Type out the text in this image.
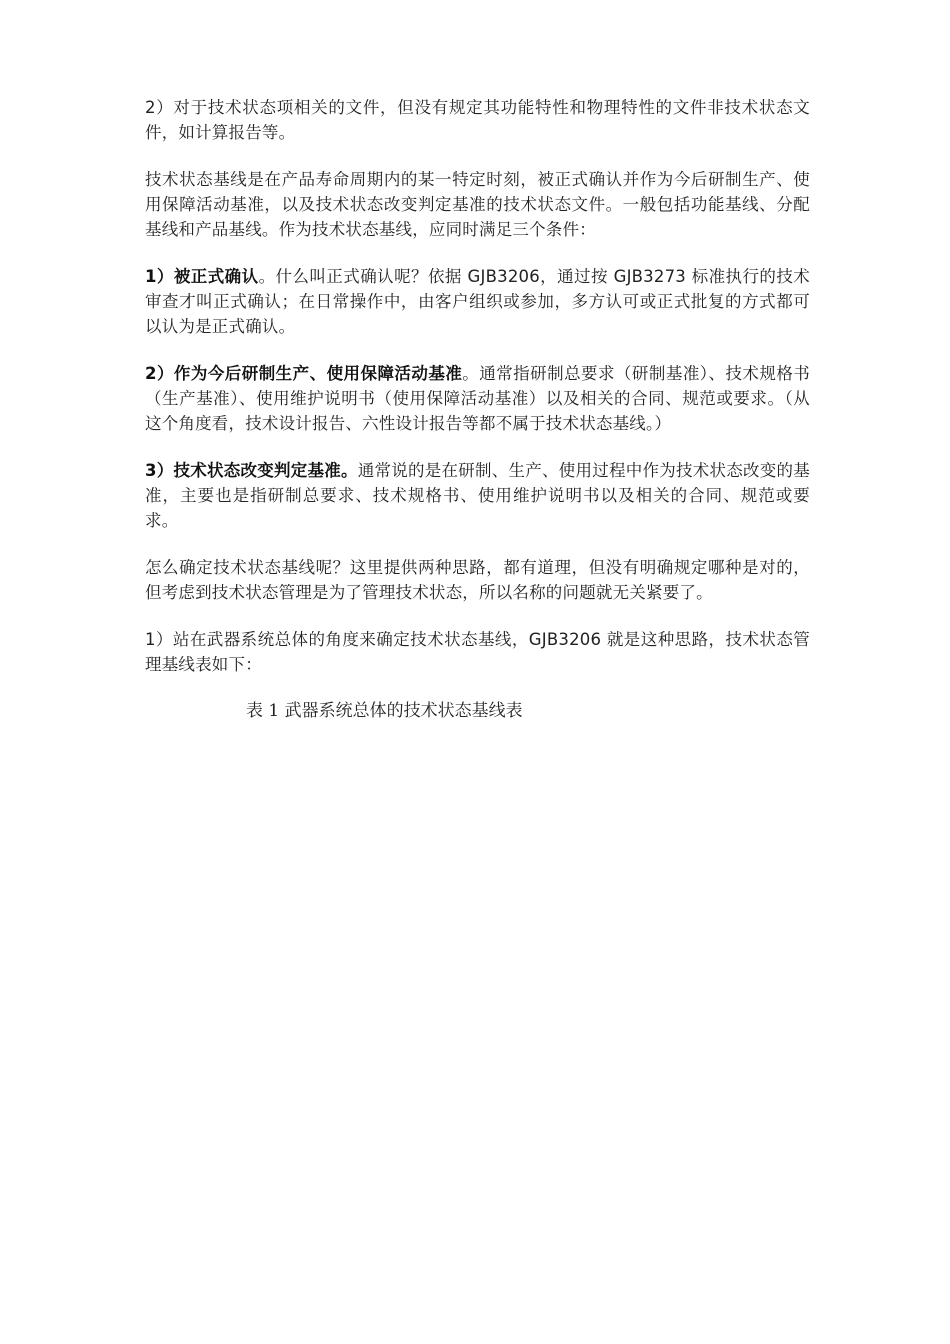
2）对于技术状态项相关的文件，但没有规定其功能特性和物理特性的文件非技术状态文件，如计算报告等。

技术状态基线是在产品寿命周期内的某一特定时刻，被正式确认并作为今后研制生产、使用保障活动基准，以及技术状态改变判定基准的技术状态文件。一般包括功能基线、分配基线和产品基线。作为技术状态基线，应同时满足三个条件：

1）被正式确认。什么叫正式确认呢？依据 GJB3206，通过按 GJB3273 标准执行的技术审查才叫正式确认；在日常操作中，由客户组织或参加，多方认可或正式批复的方式都可以认为是正式确认。

2）作为今后研制生产、使用保障活动基准。通常指研制总要求（研制基准）、技术规格书（生产基准）、使用维护说明书（使用保障活动基准）以及相关的合同、规范或要求。（从这个角度看，技术设计报告、六性设计报告等都不属于技术状态基线。）

3）技术状态改变判定基准。通常说的是在研制、生产、使用过程中作为技术状态改变的基准，主要也是指研制总要求、技术规格书、使用维护说明书以及相关的合同、规范或要求。

怎么确定技术状态基线呢？这里提供两种思路，都有道理，但没有明确规定哪种是对的，但考虑到技术状态管理是为了管理技术状态，所以名称的问题就无关紧要了。

1）站在武器系统总体的角度来确定技术状态基线，GJB3206 就是这种思路，技术状态管理基线表如下：

表 1 武器系统总体的技术状态基线表
